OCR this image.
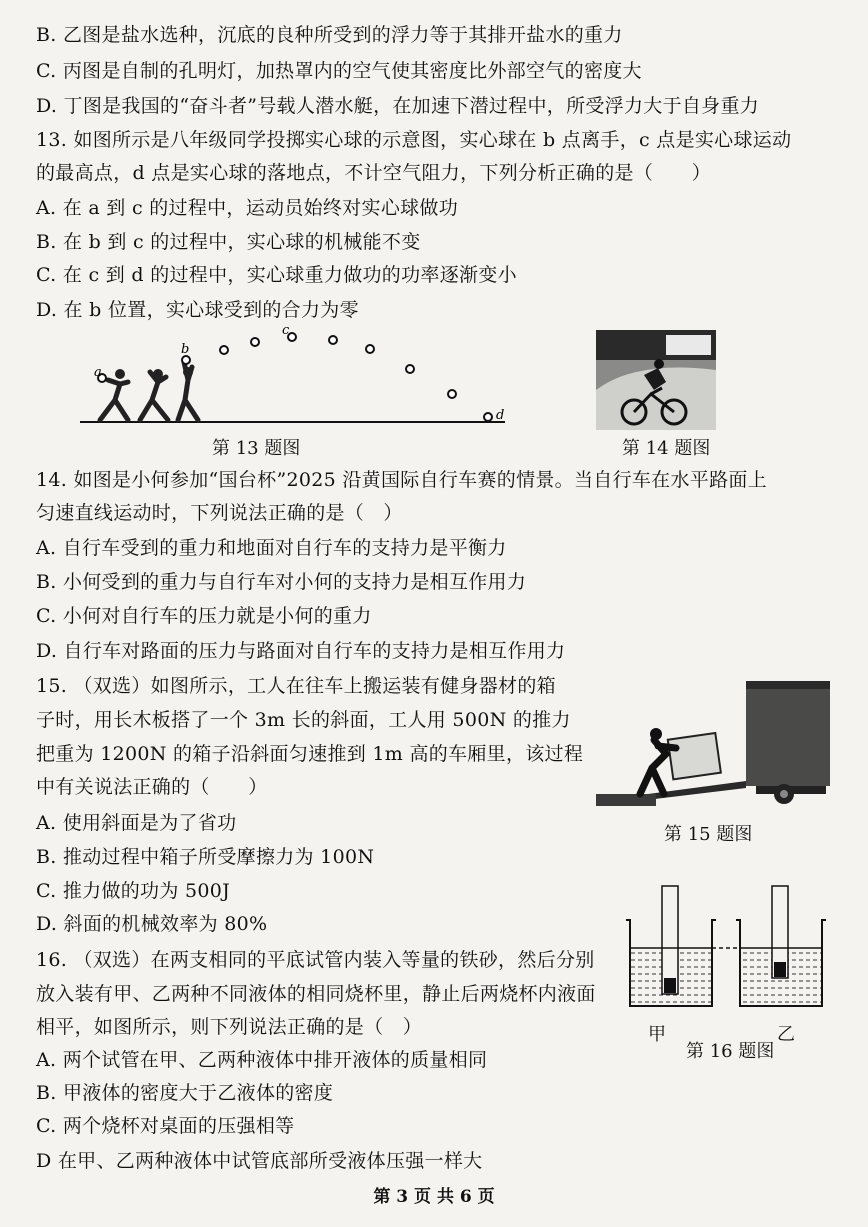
B. 乙图是盐水选种，沉底的良种所受到的浮力等于其排开盐水的重力
C. 丙图是自制的孔明灯，加热罩内的空气使其密度比外部空气的密度大
D. 丁图是我国的“奋斗者”号载人潜水艇，在加速下潜过程中，所受浮力大于自身重力
13. 如图所示是八年级同学投掷实心球的示意图，实心球在 b 点离手，c 点是实心球运动
的最高点，d 点是实心球的落地点，不计空气阻力，下列分析正确的是（　　）
A. 在 a 到 c 的过程中，运动员始终对实心球做功
B. 在 b 到 c 的过程中，实心球的机械能不变
C. 在 c 到 d 的过程中，实心球重力做功的功率逐渐变小
D. 在 b 位置，实心球受到的合力为零
a
b
c
d
第 13 题图	第 14 题图
14. 如图是小何参加“国台杯”2025 沿黄国际自行车赛的情景。当自行车在水平路面上
匀速直线运动时，下列说法正确的是（　）
A. 自行车受到的重力和地面对自行车的支持力是平衡力
B. 小何受到的重力与自行车对小何的支持力是相互作用力
C. 小何对自行车的压力就是小何的重力
D. 自行车对路面的压力与路面对自行车的支持力是相互作用力
15. （双选）如图所示，工人在往车上搬运装有健身器材的箱
子时，用长木板搭了一个 3m 长的斜面，工人用 500N 的推力
把重为 1200N 的箱子沿斜面匀速推到 1m 高的车厢里，该过程
中有关说法正确的（　　）
A. 使用斜面是为了省功
B. 推动过程中箱子所受摩擦力为 100N
C. 推力做的功为 500J
D. 斜面的机械效率为 80%
第 15 题图
16. （双选）在两支相同的平底试管内装入等量的铁砂，然后分别
放入装有甲、乙两种不同液体的相同烧杯里，静止后两烧杯内液面
相平，如图所示，则下列说法正确的是（　）
A. 两个试管在甲、乙两种液体中排开液体的质量相同
B. 甲液体的密度大于乙液体的密度
C. 两个烧杯对桌面的压强相等
D 在甲、乙两种液体中试管底部所受液体压强一样大
甲	乙
第 16 题图
第 3 页 共 6 页
